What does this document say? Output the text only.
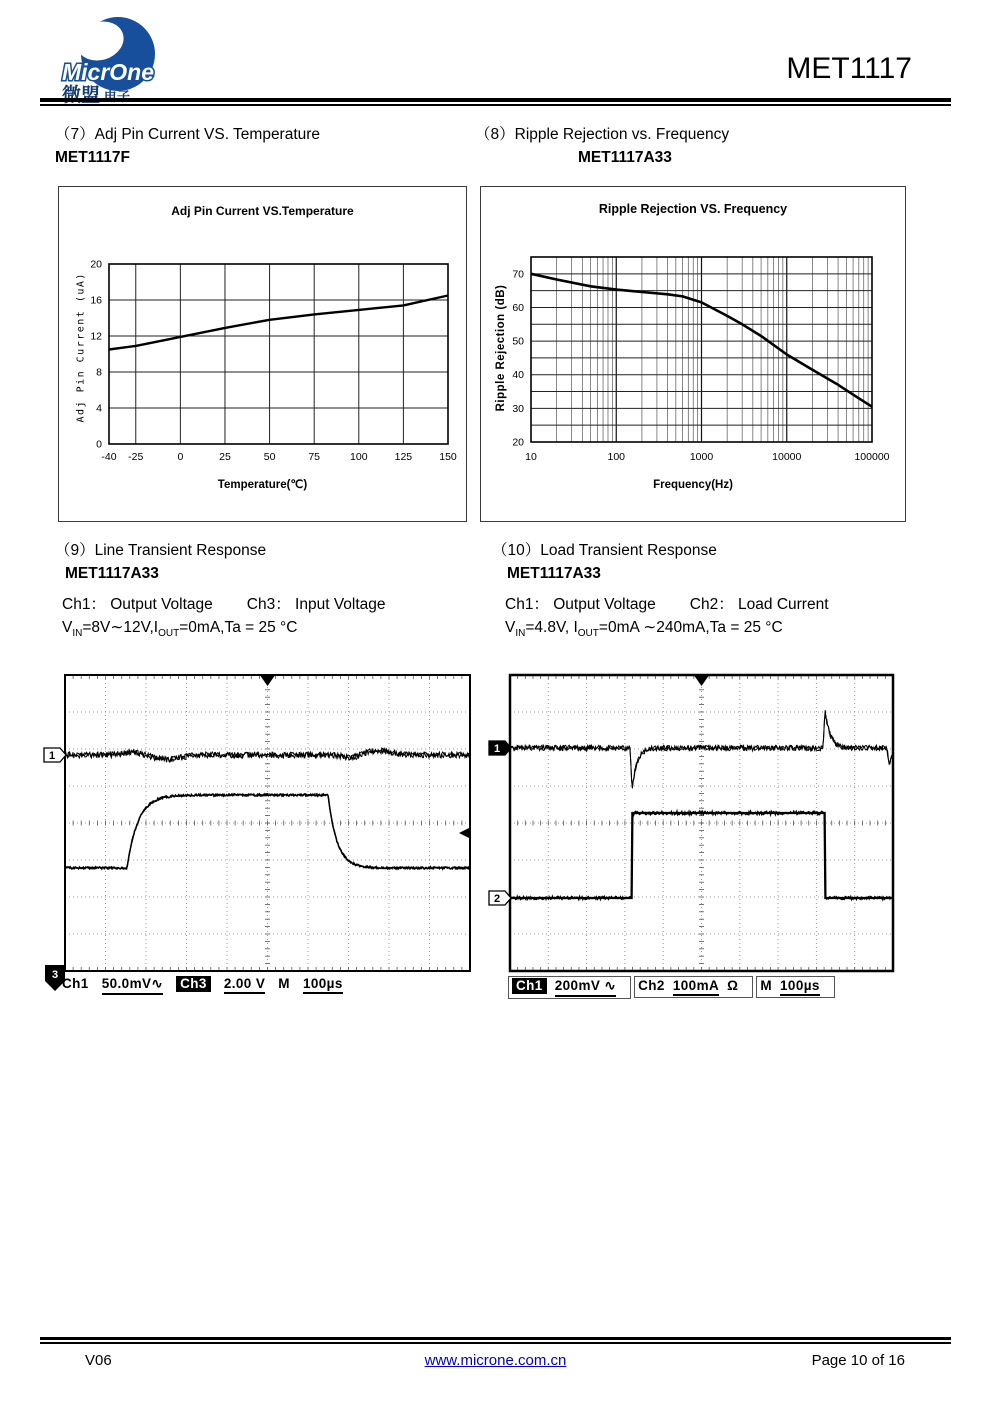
MicrOne
微盟 电子
MET1117
（7）Adj Pin Current VS. Temperature
MET1117F
（8）Ripple Rejection vs. Frequency
MET1117A33
Adj Pin Current VS.Temperature
Adj Pin Current (uA)
Temperature(℃)
-40 -25	0	25	50	75	100	125	150
0
4
8
12
16
20
Ripple Rejection VS. Frequency
Ripple Rejection (dB)
Frequency(Hz)
20
30
40
50
60
70
10	100	1000	10000	100000
（9）Line Transient Response
MET1117A33
Ch1： Output Voltage Ch3： Input Voltage
$V_{IN}=8V\sim 12V,I_{OUT}=0mA,Ta = 25$ °C
（10）Load Transient Response
MET1117A33
Ch1： Output Voltage Ch2： Load Current
$V_{IN}=4.8V$, $I_{OUT}=0mA$ ∼240mA,Ta = 25 °C
1
3
Ch1 50.0mV∿ Ch3 2.00 V M 100µs
1
2
Ch1 200mV ∿ Ch2 100mA Ω M 100µs
V06	www.microne.com.cn	Page 10 of 16
